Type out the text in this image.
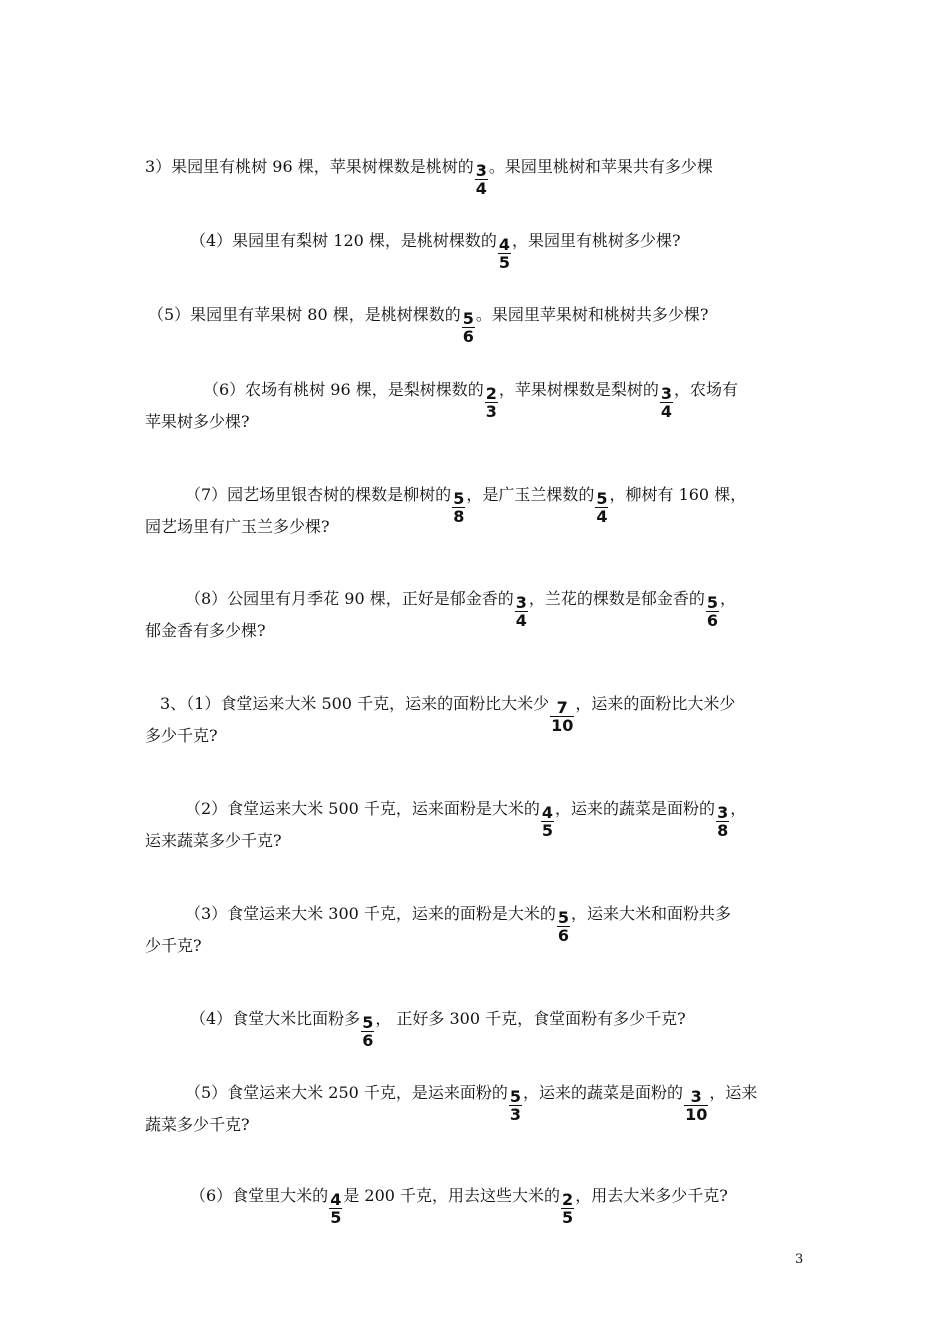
3）果园里有桃树 96 棵，苹果树棵数是桃树的 $\frac{3}{4}$ 。果园里桃树和苹果共有多少棵
（4）果园里有梨树 120 棵，是桃树棵数的 $\frac{4}{5}$ ，果园里有桃树多少棵?
（5）果园里有苹果树 80 棵，是桃树棵数的 $\frac{5}{6}$ 。果园里苹果树和桃树共多少棵?
（6）农场有桃树 96 棵，是梨树棵数的 $\frac{2}{3}$ ，苹果树棵数是梨树的 $\frac{3}{4}$ ，农场有
苹果树多少棵?
（7）园艺场里银杏树的棵数是柳树的 $\frac{5}{8}$ ，是广玉兰棵数的 $\frac{5}{4}$ ，柳树有 160 棵，
园艺场里有广玉兰多少棵?
（8）公园里有月季花 90 棵，正好是郁金香的 $\frac{3}{4}$ ，兰花的棵数是郁金香的 $\frac{5}{6}$ ，
郁金香有多少棵?
3、（1）食堂运来大米 500 千克，运来的面粉比大米少 $\frac{7}{10}$ ，运来的面粉比大米少
多少千克?
（2）食堂运来大米 500 千克，运来面粉是大米的 $\frac{4}{5}$ ，运来的蔬菜是面粉的 $\frac{3}{8}$ ，
运来蔬菜多少千克?
（3）食堂运来大米 300 千克，运来的面粉是大米的 $\frac{5}{6}$ ，运来大米和面粉共多
少千克?
（4）食堂大米比面粉多 $\frac{5}{6}$ ， 正好多 300 千克，食堂面粉有多少千克?
（5）食堂运来大米 250 千克，是运来面粉的 $\frac{5}{3}$ ，运来的蔬菜是面粉的 $\frac{3}{10}$ ，运来
蔬菜多少千克?
（6）食堂里大米的 $\frac{4}{5}$ 是 200 千克，用去这些大米的 $\frac{2}{5}$ ，用去大米多少千克?
3
